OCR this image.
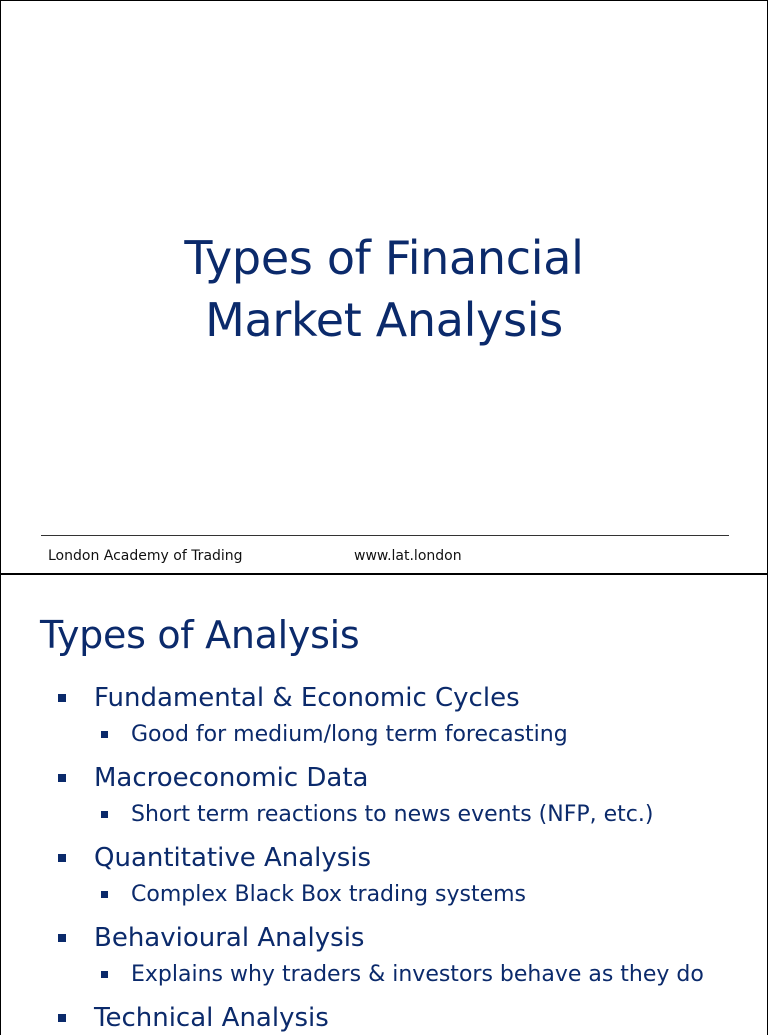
Types of Financial
Market Analysis
London Academy of Trading	www.lat.london
Types of Analysis
Fundamental & Economic Cycles
Good for medium/long term forecasting
Macroeconomic Data
Short term reactions to news events (NFP, etc.)
Quantitative Analysis
Complex Black Box trading systems
Behavioural Analysis
Explains why traders & investors behave as they do
Technical Analysis
